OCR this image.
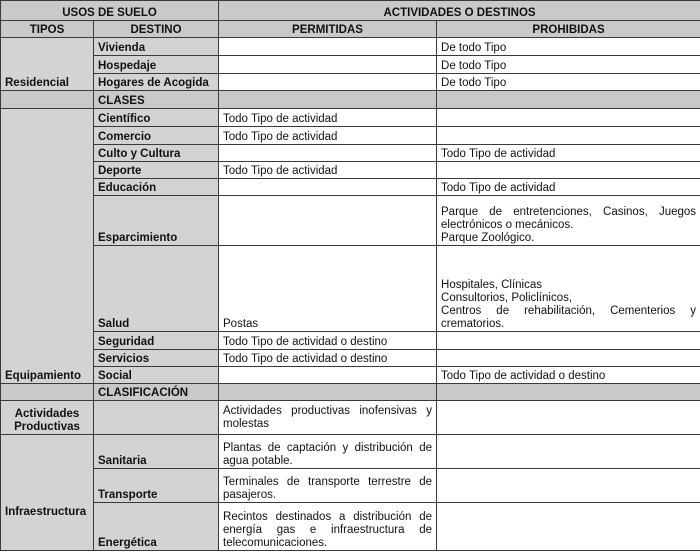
USOS DE SUELO		ACTIVIDADES O DESTINOS	
TIPOS	DESTINO	PERMITIDAS	PROHIBIDAS
Residencial	Vivienda		De todo Tipo
	Hospedaje		De todo Tipo
	Hogares de Acogida		De todo Tipo
	CLASES		
Equipamiento	Científico	Todo Tipo de actividad	
	Comercio	Todo Tipo de actividad	
	Culto y Cultura		Todo Tipo de actividad
	Deporte	Todo Tipo de actividad	
	Educación		Todo Tipo de actividad
	Esparcimiento		Parque de entretenciones, Casinos, Juegos electrónicos o mecánicos.
Parque Zoológico.
	Salud	Postas	Hospitales, Clínicas
Consultorios, Policlínicos,
Centros de rehabilitación, Cementerios y crematorios.
	Seguridad	Todo Tipo de actividad o destino	
	Servicios	Todo Tipo de actividad o destino	
	Social		Todo Tipo de actividad o destino
	CLASIFICACIÓN		
Actividades Productivas		Actividades productivas inofensivas y molestas	
Infraestructura	Sanitaria	Plantas de captación y distribución de agua potable.	
	Transporte	Terminales de transporte terrestre de pasajeros.	
	Energética	Recintos destinados a distribución de energía gas e infraestructura de telecomunicaciones.	
